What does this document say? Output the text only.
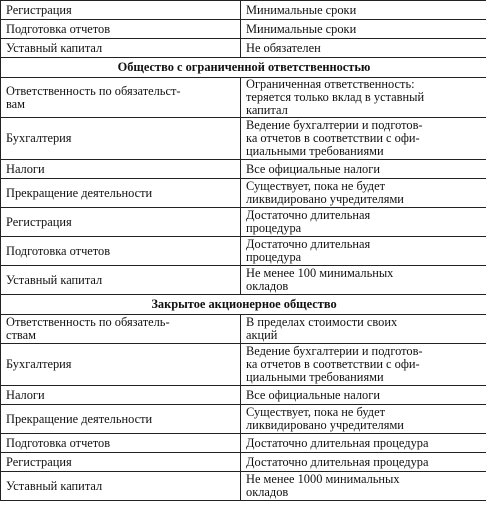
Регистрация	Минимальные сроки

Подготовка отчетов	Минимальные сроки

Уставный капитал	Не обязателен

Общество с ограниченной ответственностью	

Ответственность по обязательст-
вам	Ограниченная ответственность:
теряется только вклад в уставный
капитал

Бухгалтерия	Ведение бухгалтерии и подготов-
ка отчетов в соответствии с офи-
циальными требованиями

Налоги	Все официальные налоги

Прекращение деятельности	Существует, пока не будет
ликвидировано учредителями

Регистрация	Достаточно длительная
процедура

Подготовка отчетов	Достаточно длительная
процедура

Уставный капитал	Не менее 100 минимальных
окладов

Закрытое акционерное общество	

Ответственность по обязатель-
ствам	В пределах стоимости своих
акций

Бухгалтерия	Ведение бухгалтерии и подготов-
ка отчетов в соответствии с офи-
циальными требованиями

Налоги	Все официальные налоги

Прекращение деятельности	Существует, пока не будет
ликвидировано учредителями

Подготовка отчетов	Достаточно длительная процедура

Регистрация	Достаточно длительная процедура

Уставный капитал	Не менее 1000 минимальных
окладов
